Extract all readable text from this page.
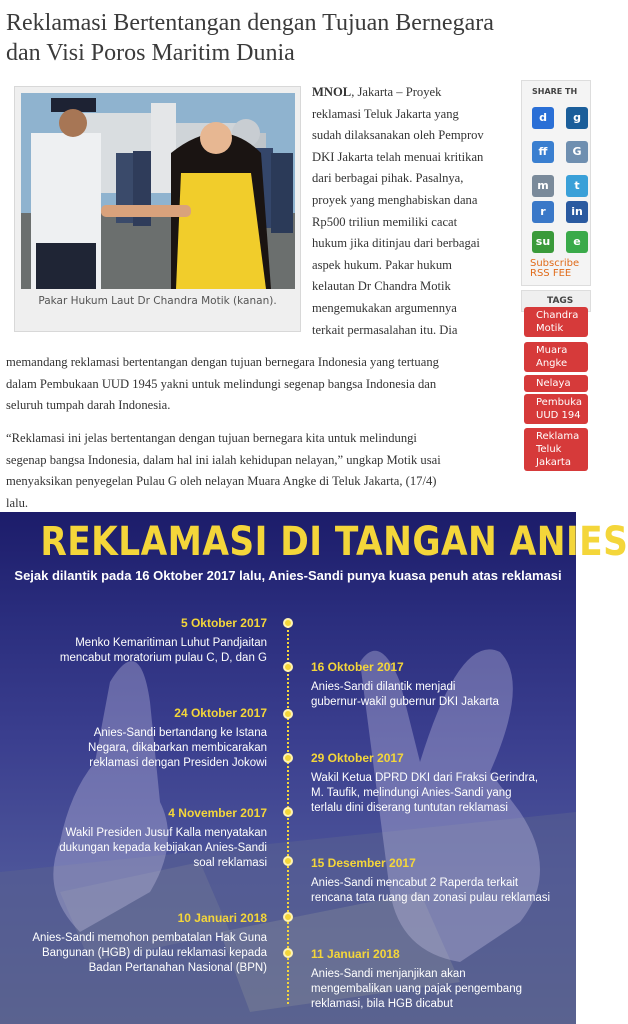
Reklamasi Bertentangan dengan Tujuan Bernegara
dan Visi Poros Maritim Dunia
Pakar Hukum Laut Dr Chandra Motik (kanan).
MNOL, Jakarta – Proyek
reklamasi Teluk Jakarta yang
sudah dilaksanakan oleh Pemprov
DKI Jakarta telah menuai kritikan
dari berbagai pihak. Pasalnya,
proyek yang menghabiskan dana
Rp500 triliun memiliki cacat
hukum jika ditinjau dari berbagai
aspek hukum. Pakar hukum
kelautan Dr Chandra Motik
mengemukakan argumennya
terkait permasalahan itu. Dia
memandang reklamasi bertentangan dengan tujuan bernegara Indonesia yang tertuang
dalam Pembukaan UUD 1945 yakni untuk melindungi segenap bangsa Indonesia dan
seluruh tumpah darah Indonesia.
“Reklamasi ini jelas bertentangan dengan tujuan bernegara kita untuk melindungi
segenap bangsa Indonesia, dalam hal ini ialah kehidupan nelayan,” ungkap Motik usai
menyaksikan penyegelan Pulau G oleh nelayan Muara Angke di Teluk Jakarta, (17/4)
lalu.
SHARE TH
d	g
ff	G
m	t
r	in
su	e
Subscribe
RSS FEE
TAGS
Chandra
Motik
Muara
Angke
Nelaya
Pembuka
UUD 194
Reklama
Teluk
Jakarta
REKLAMASI DI TANGAN ANIES
Sejak dilantik pada 16 Oktober 2017 lalu, Anies-Sandi punya kuasa penuh atas reklamasi
5 Oktober 2017
Menko Kemaritiman Luhut Pandjaitan
mencabut moratorium pulau C, D, dan G
16 Oktober 2017
Anies-Sandi dilantik menjadi
gubernur-wakil gubernur DKI Jakarta
24 Oktober 2017
Anies-Sandi bertandang ke Istana
Negara, dikabarkan membicarakan
reklamasi dengan Presiden Jokowi	29 Oktober 2017
Wakil Ketua DPRD DKI dari Fraksi Gerindra,
M. Taufik, melindungi Anies-Sandi yang
terlalu dini diserang tuntutan reklamasi
4 November 2017
Wakil Presiden Jusuf Kalla menyatakan
dukungan kepada kebijakan Anies-Sandi
soal reklamasi	15 Desember 2017
Anies-Sandi mencabut 2 Raperda terkait
rencana tata ruang dan zonasi pulau reklamasi
10 Januari 2018
Anies-Sandi memohon pembatalan Hak Guna
Bangunan (HGB) di pulau reklamasi kepada
Badan Pertanahan Nasional (BPN)
11 Januari 2018
Anies-Sandi menjanjikan akan
mengembalikan uang pajak pengembang
reklamasi, bila HGB dicabut
